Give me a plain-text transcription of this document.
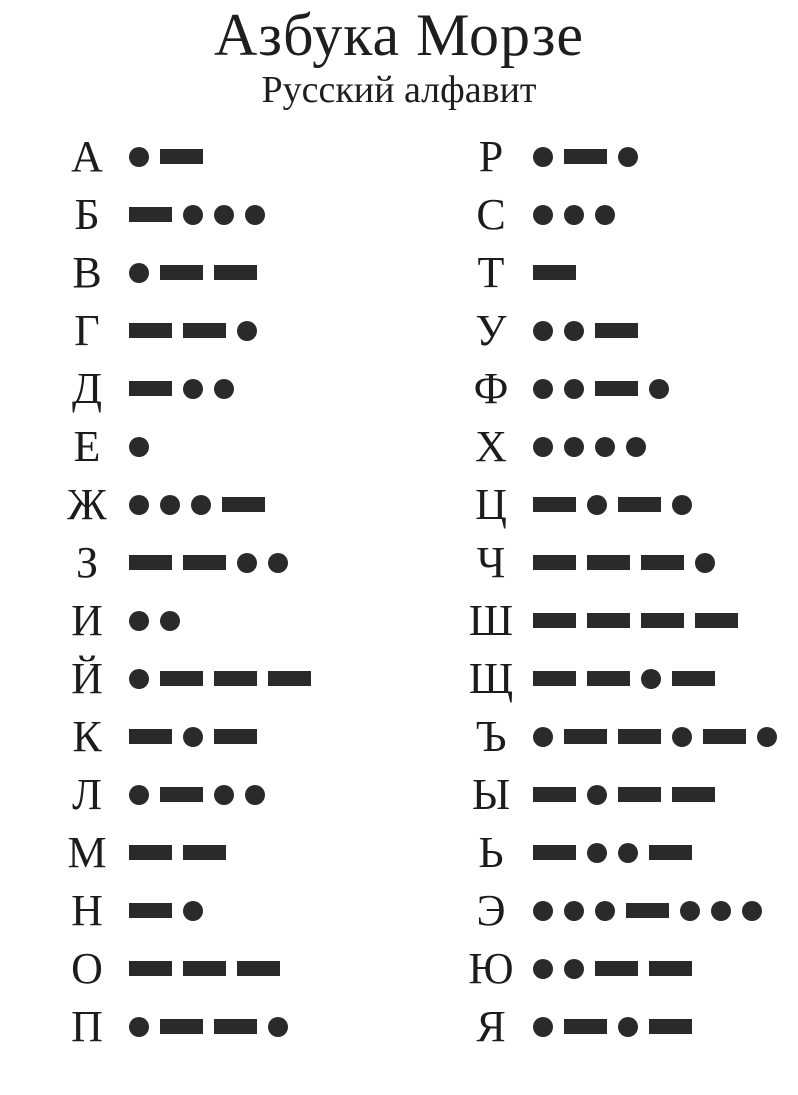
Азбука Морзе
Русский алфавит
А
Б
В
Г
Д
Е
Ж
З
И
Й
К
Л
М
Н
О
П
Р
С
Т
У
Ф
Х
Ц
Ч
Ш
Щ
Ъ
Ы
Ь
Э
Ю
Я
